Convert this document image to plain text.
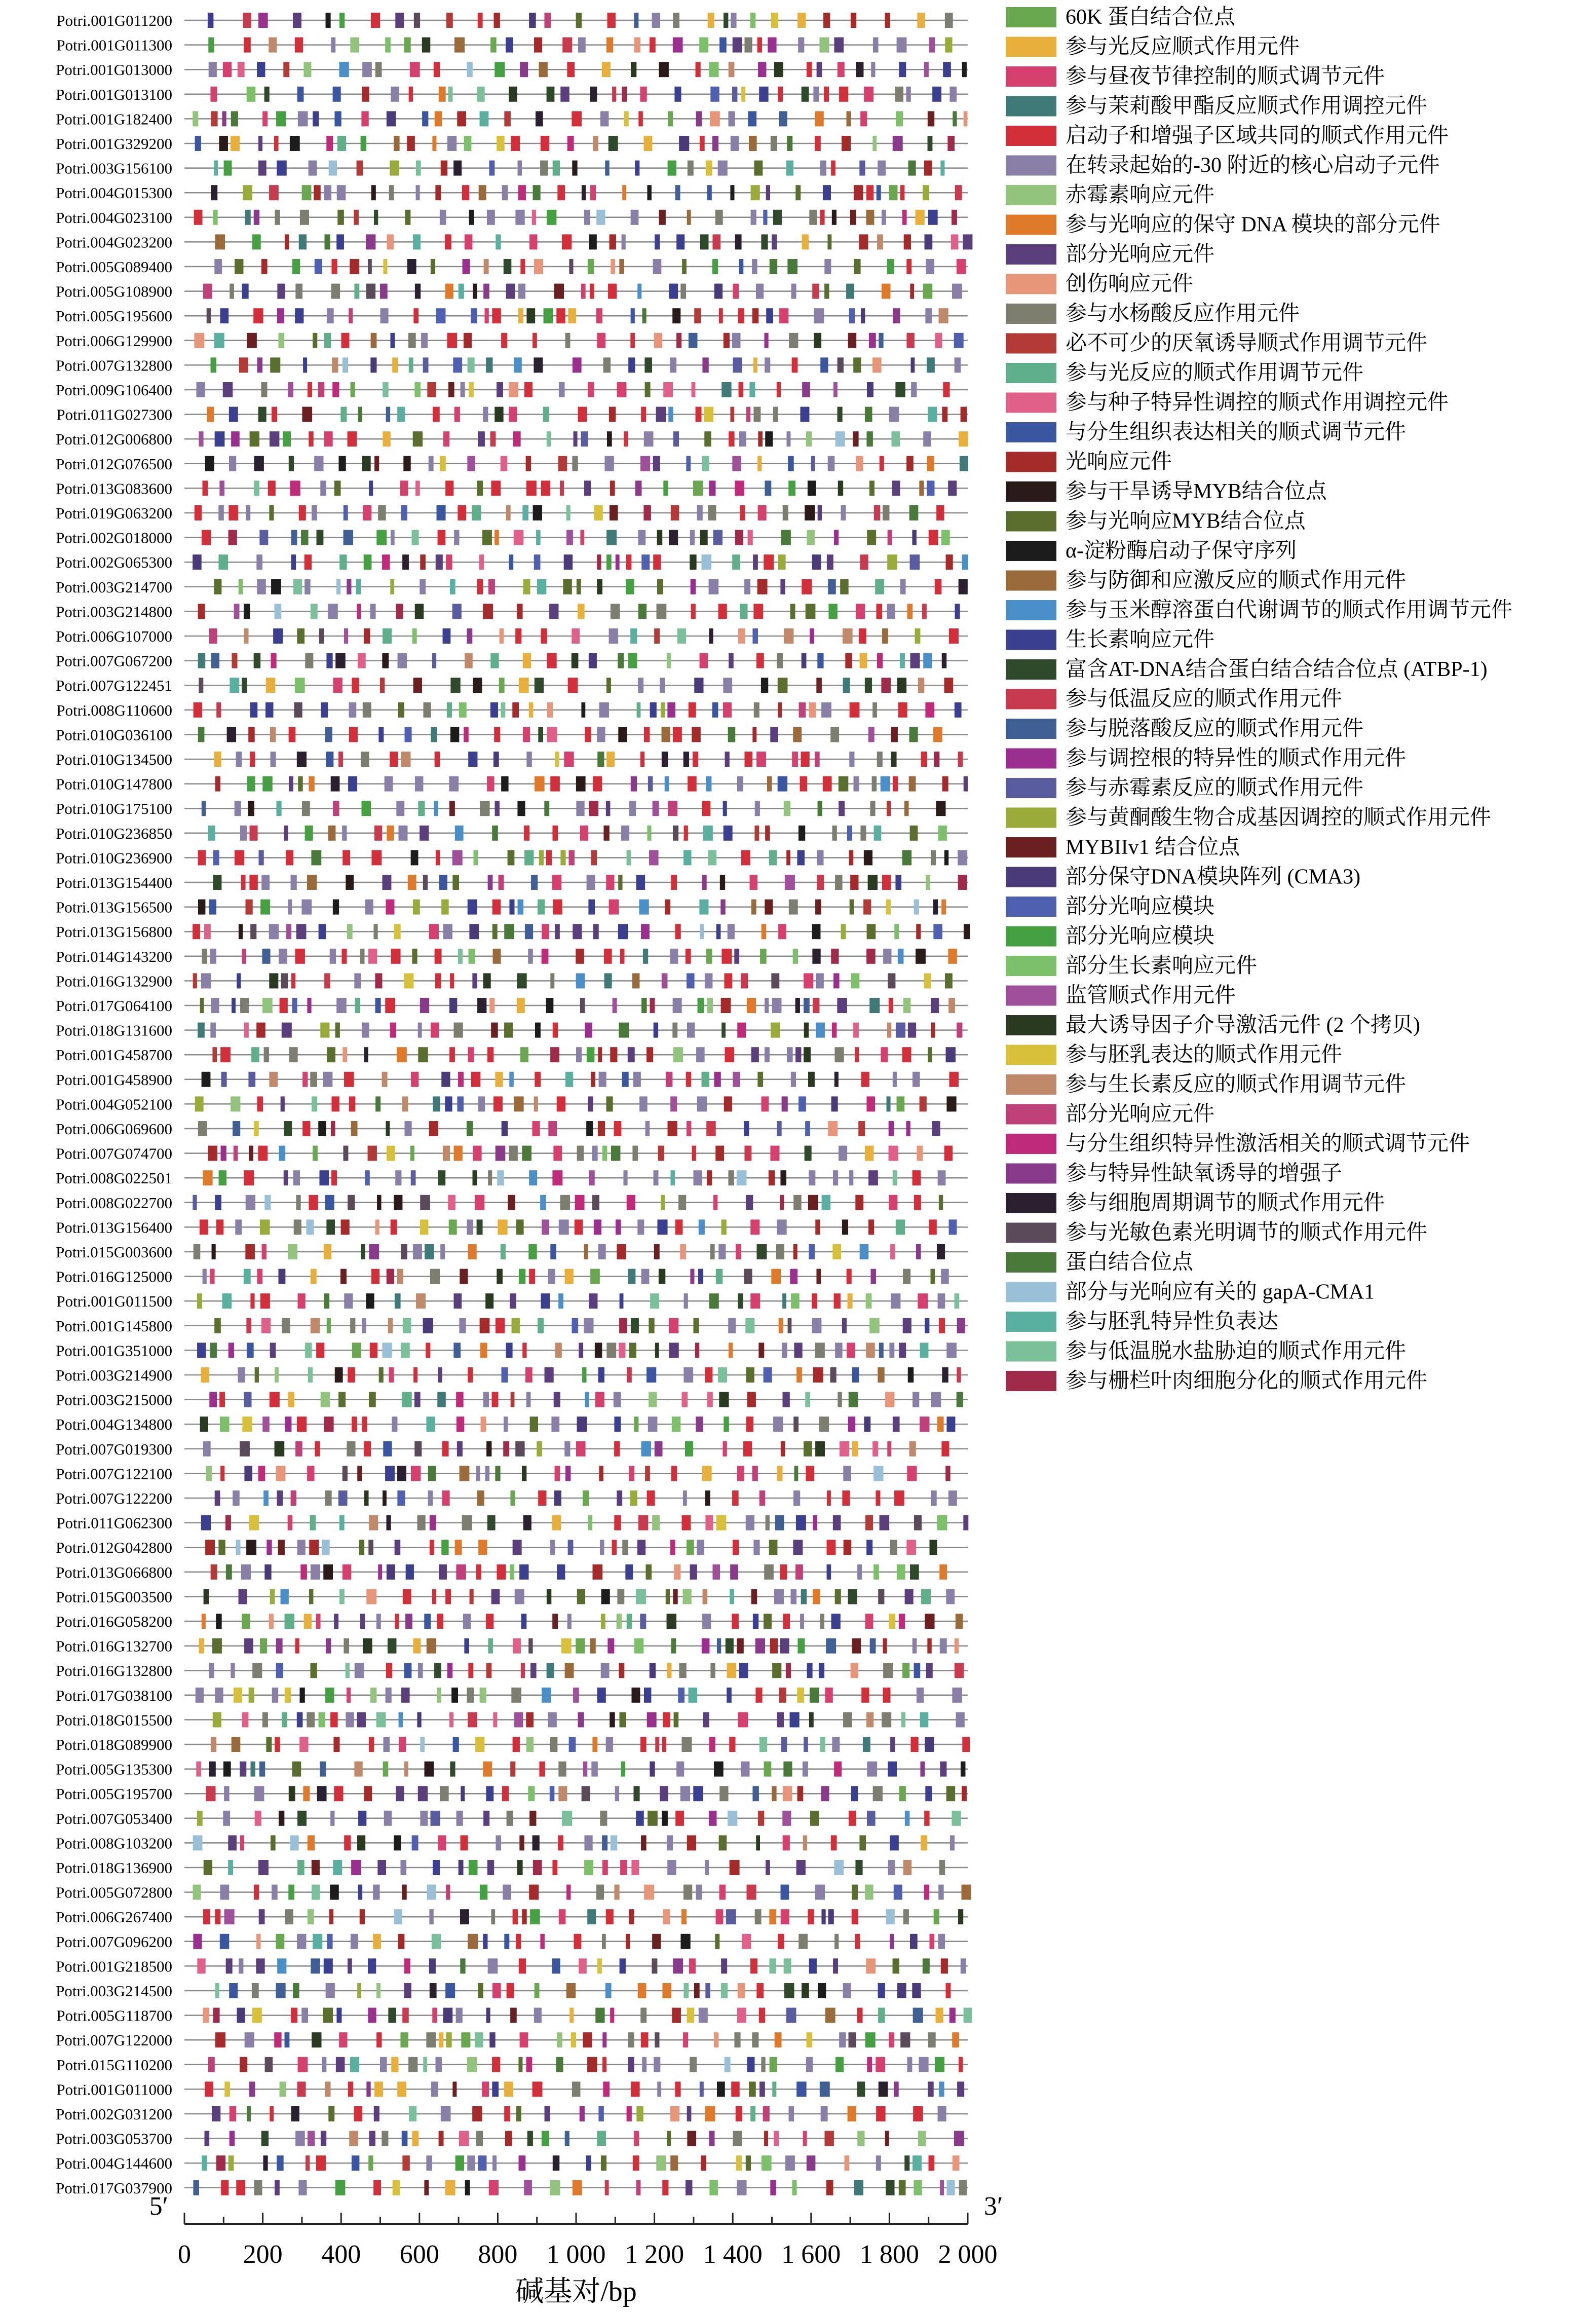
Potri.001G011200
Potri.001G011300
Potri.001G013000
Potri.001G013100
Potri.001G182400
Potri.001G329200
Potri.003G156100
Potri.004G015300
Potri.004G023100
Potri.004G023200
Potri.005G089400
Potri.005G108900
Potri.005G195600
Potri.006G129900
Potri.007G132800
Potri.009G106400
Potri.011G027300
Potri.012G006800
Potri.012G076500
Potri.013G083600
Potri.019G063200
Potri.002G018000
Potri.002G065300
Potri.003G214700
Potri.003G214800
Potri.006G107000
Potri.007G067200
Potri.007G122451
Potri.008G110600
Potri.010G036100
Potri.010G134500
Potri.010G147800
Potri.010G175100
Potri.010G236850
Potri.010G236900
Potri.013G154400
Potri.013G156500
Potri.013G156800
Potri.014G143200
Potri.016G132900
Potri.017G064100
Potri.018G131600
Potri.001G458700
Potri.001G458900
Potri.004G052100
Potri.006G069600
Potri.007G074700
Potri.008G022501
Potri.008G022700
Potri.013G156400
Potri.015G003600
Potri.016G125000
Potri.001G011500
Potri.001G145800
Potri.001G351000
Potri.003G214900
Potri.003G215000
Potri.004G134800
Potri.007G019300
Potri.007G122100
Potri.007G122200
Potri.011G062300
Potri.012G042800
Potri.013G066800
Potri.015G003500
Potri.016G058200
Potri.016G132700
Potri.016G132800
Potri.017G038100
Potri.018G015500
Potri.018G089900
Potri.005G135300
Potri.005G195700
Potri.007G053400
Potri.008G103200
Potri.018G136900
Potri.005G072800
Potri.006G267400
Potri.007G096200
Potri.001G218500
Potri.003G214500
Potri.005G118700
Potri.007G122000
Potri.015G110200
Potri.001G011000
Potri.002G031200
Potri.003G053700
Potri.004G144600
Potri.017G037900
5′	3′
0 200 400 600 800 1 000 1 200 1 400 1 600 1 800 2 000
碱基对/bp
60K 蛋白结合位点
参与光反应顺式作用元件
参与昼夜节律控制的顺式调节元件
参与茉莉酸甲酯反应顺式作用调控元件
启动子和增强子区域共同的顺式作用元件
在转录起始的-30 附近的核心启动子元件
赤霉素响应元件
参与光响应的保守 DNA 模块的部分元件
部分光响应元件
创伤响应元件
参与水杨酸反应作用元件
必不可少的厌氧诱导顺式作用调节元件
参与光反应的顺式作用调节元件
参与种子特异性调控的顺式作用调控元件
与分生组织表达相关的顺式调节元件
光响应元件
参与干旱诱导MYB结合位点
参与光响应MYB结合位点
α-淀粉酶启动子保守序列
参与防御和应激反应的顺式作用元件
参与玉米醇溶蛋白代谢调节的顺式作用调节元件
生长素响应元件
富含AT-DNA结合蛋白结合结合位点 (ATBP-1)
参与低温反应的顺式作用元件
参与脱落酸反应的顺式作用元件
参与调控根的特异性的顺式作用元件
参与赤霉素反应的顺式作用元件
参与黄酮酸生物合成基因调控的顺式作用元件
MYBIIv1 结合位点
部分保守DNA模块阵列 (CMA3)
部分光响应模块
部分光响应模块
部分生长素响应元件
监管顺式作用元件
最大诱导因子介导激活元件 (2 个拷贝)
参与胚乳表达的顺式作用元件
参与生长素反应的顺式作用调节元件
部分光响应元件
与分生组织特异性激活相关的顺式调节元件
参与特异性缺氧诱导的增强子
参与细胞周期调节的顺式作用元件
参与光敏色素光明调节的顺式作用元件
蛋白结合位点
部分与光响应有关的 gapA-CMA1
参与胚乳特异性负表达
参与低温脱水盐胁迫的顺式作用元件
参与栅栏叶肉细胞分化的顺式作用元件
